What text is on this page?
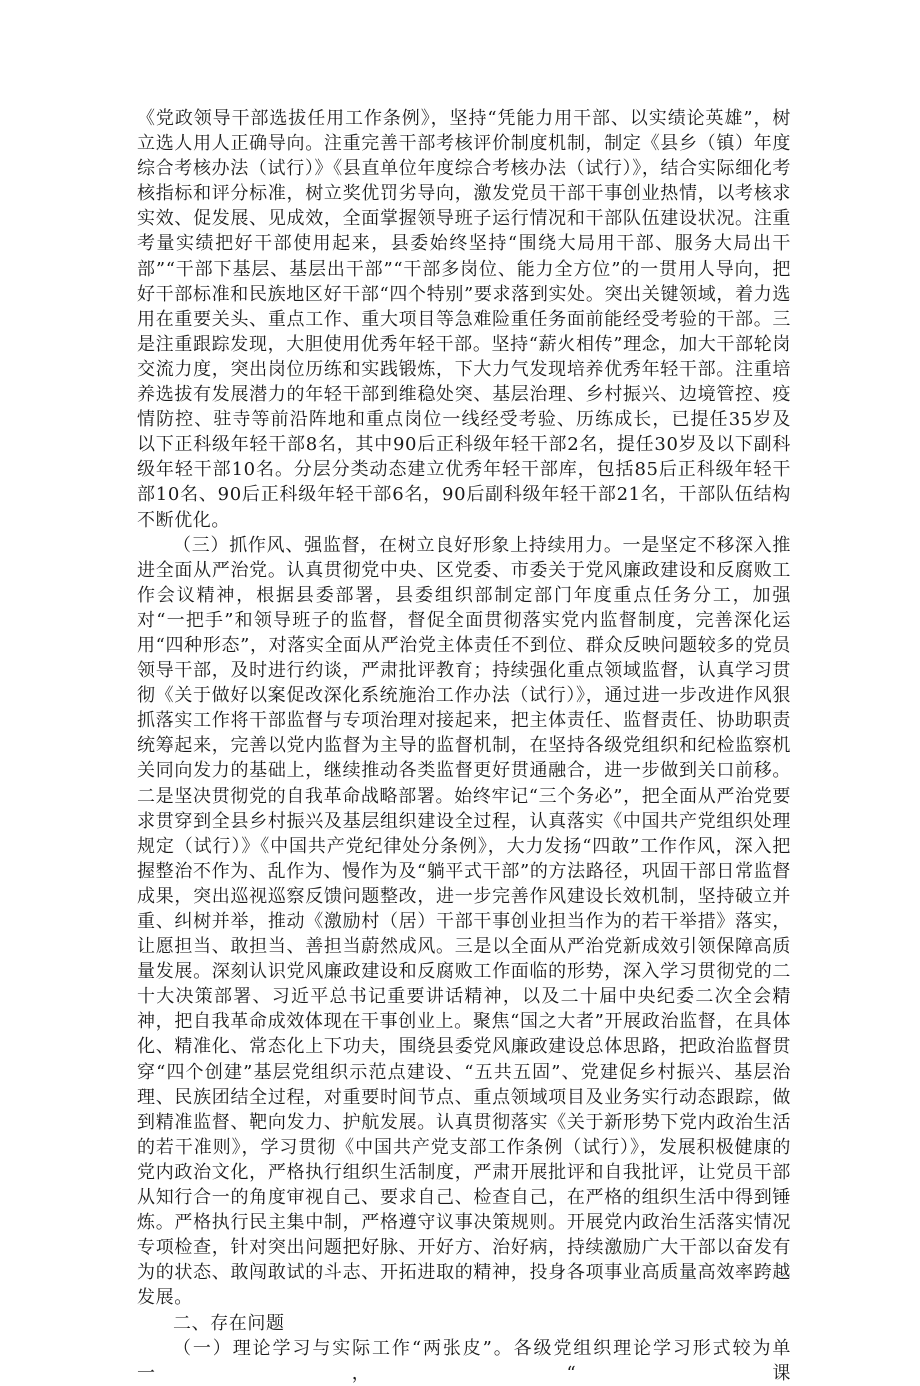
《党政领导干部选拔任用工作条例》，坚持“凭能力用干部、以实绩论英雄”，树立选人用人正确导向。注重完善干部考核评价制度机制，制定《县乡（镇）年度综合考核办法（试行）》《县直单位年度综合考核办法（试行）》，结合实际细化考核指标和评分标准，树立奖优罚劣导向，激发党员干部干事创业热情，以考核求实效、促发展、见成效，全面掌握领导班子运行情况和干部队伍建设状况。注重考量实绩把好干部使用起来，县委始终坚持“围绕大局用干部、服务大局出干部”“干部下基层、基层出干部”“干部多岗位、能力全方位”的一贯用人导向，把好干部标准和民族地区好干部“四个特别”要求落到实处。突出关键领域，着力选用在重要关头、重点工作、重大项目等急难险重任务面前能经受考验的干部。三是注重跟踪发现，大胆使用优秀年轻干部。坚持“薪火相传”理念，加大干部轮岗交流力度，突出岗位历练和实践锻炼，下大力气发现培养优秀年轻干部。注重培养选拔有发展潜力的年轻干部到维稳处突、基层治理、乡村振兴、边境管控、疫情防控、驻寺等前沿阵地和重点岗位一线经受考验、历练成长，已提任35岁及以下正科级年轻干部8名，其中90后正科级年轻干部2名，提任30岁及以下副科级年轻干部10名。分层分类动态建立优秀年轻干部库，包括85后正科级年轻干部10名、90后正科级年轻干部6名，90后副科级年轻干部21名，干部队伍结构不断优化。

（三）抓作风、强监督，在树立良好形象上持续用力。一是坚定不移深入推进全面从严治党。认真贯彻党中央、区党委、市委关于党风廉政建设和反腐败工作会议精神，根据县委部署，县委组织部制定部门年度重点任务分工，加强对“一把手”和领导班子的监督，督促全面贯彻落实党内监督制度，完善深化运用“四种形态”，对落实全面从严治党主体责任不到位、群众反映问题较多的党员领导干部，及时进行约谈，严肃批评教育；持续强化重点领域监督，认真学习贯彻《关于做好以案促改深化系统施治工作办法（试行）》，通过进一步改进作风狠抓落实工作将干部监督与专项治理对接起来，把主体责任、监督责任、协助职责统筹起来，完善以党内监督为主导的监督机制，在坚持各级党组织和纪检监察机关同向发力的基础上，继续推动各类监督更好贯通融合，进一步做到关口前移。二是坚决贯彻党的自我革命战略部署。始终牢记“三个务必”，把全面从严治党要求贯穿到全县乡村振兴及基层组织建设全过程，认真落实《中国共产党组织处理规定（试行）》《中国共产党纪律处分条例》，大力发扬“四敢”工作作风，深入把握整治不作为、乱作为、慢作为及“躺平式干部”的方法路径，巩固干部日常监督成果，突出巡视巡察反馈问题整改，进一步完善作风建设长效机制，坚持破立并重、纠树并举，推动《激励村（居）干部干事创业担当作为的若干举措》落实，让愿担当、敢担当、善担当蔚然成风。三是以全面从严治党新成效引领保障高质量发展。深刻认识党风廉政建设和反腐败工作面临的形势，深入学习贯彻党的二十大决策部署、习近平总书记重要讲话精神，以及二十届中央纪委二次全会精神，把自我革命成效体现在干事创业上。聚焦“国之大者”开展政治监督，在具体化、精准化、常态化上下功夫，围绕县委党风廉政建设总体思路，把政治监督贯穿“四个创建”基层党组织示范点建设、“五共五固”、党建促乡村振兴、基层治理、民族团结全过程，对重要时间节点、重点领域项目及业务实行动态跟踪，做到精准监督、靶向发力、护航发展。认真贯彻落实《关于新形势下党内政治生活的若干准则》，学习贯彻《中国共产党支部工作条例（试行）》，发展积极健康的党内政治文化，严格执行组织生活制度，严肃开展批评和自我批评，让党员干部从知行合一的角度审视自己、要求自己、检查自己，在严格的组织生活中得到锤炼。严格执行民主集中制，严格遵守议事决策规则。开展党内政治生活落实情况专项检查，针对突出问题把好脉、开好方、治好病，持续激励广大干部以奋发有为的状态、敢闯敢试的斗志、开拓进取的精神，投身各项事业高质量高效率跨越发展。

二、存在问题

（一）理论学习与实际工作“两张皮”。各级党组织理论学习形式较为单一，“课
